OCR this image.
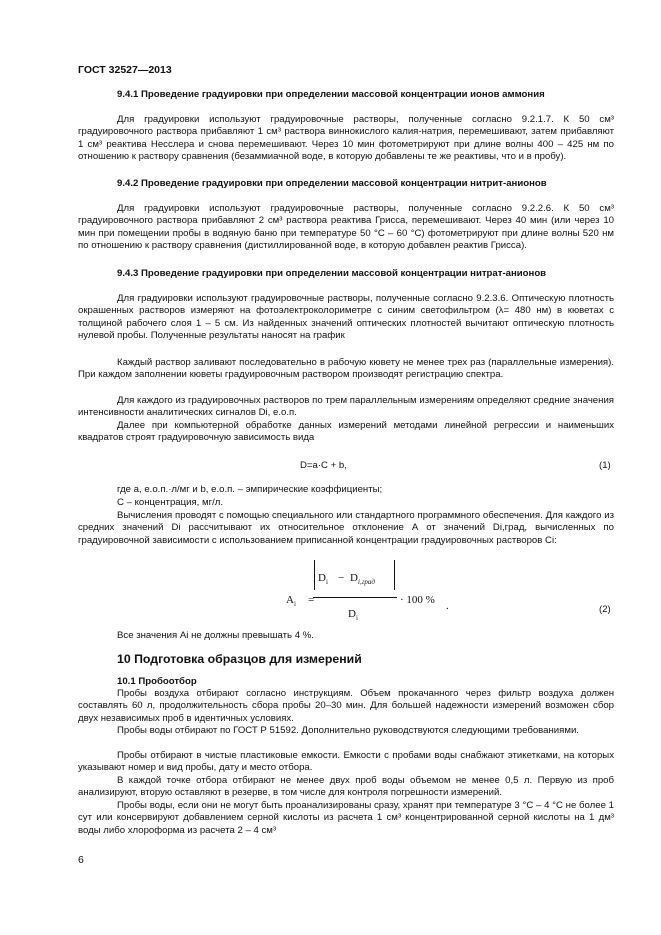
ГОСТ 32527—2013
9.4.1 Проведение градуировки при определении массовой концентрации ионов аммония
Для градуировки используют градуировочные растворы, полученные согласно 9.2.1.7. К 50 см³ градуировочного раствора прибавляют 1 см³ раствора виннокислого калия-натрия, перемешивают, затем прибавляют 1 см³ реактива Несслера и снова перемешивают. Через 10 мин фотометрируют при длине волны 400 – 425 нм по отношению к раствору сравнения (безаммиачной воде, в которую добавлены те же реактивы, что и в пробу).
9.4.2 Проведение градуировки при определении массовой концентрации нитрит-анионов
Для градуировки используют градуировочные растворы, полученные согласно 9.2.2.6. К 50 см³ градуировочного раствора прибавляют 2 см³ раствора реактива Грисса, перемешивают. Через 40 мин (или через 10 мин при помещении пробы в водяную баню при температуре 50 °С – 60 °С) фотометрируют при длине волны 520 нм по отношению к раствору сравнения (дистиллированной воде, в которую добавлен реактив Грисса).
9.4.3 Проведение градуировки при определении массовой концентрации нитрат-анионов
Для градуировки используют градуировочные растворы, полученные согласно 9.2.3.6. Оптическую плотность окрашенных растворов измеряют на фотоэлектроколориметре с синим светофильтром (λ= 480 нм) в кюветах с толщиной рабочего слоя 1 – 5 см. Из найденных значений оптических плотностей вычитают оптическую плотность нулевой пробы. Полученные результаты наносят на график
Каждый раствор заливают последовательно в рабочую кювету не менее трех раз (параллельные измерения). При каждом заполнении кюветы градуировочным раствором производят регистрацию спектра.
Для каждого из градуировочных растворов по трем параллельным измерениям определяют средние значения интенсивности аналитических сигналов Di, е.о.п.
Далее при компьютерной обработке данных измерений методами линейной регрессии и наименьших квадратов строят градуировочную зависимость вида
D=a·C + b,	(1)
где a, е.о.п.·л/мг и b, е.о.п. – эмпирические коэффициенты;
С – концентрация, мг/л.
Вычисления проводят с помощью специального или стандартного программного обеспечения. Для каждого из средних значений Di рассчитывают их относительное отклонение А от значений Di,град, вычисленных по градуировочной зависимости с использованием приписанной концентрации градуировочных растворов Сi:
A i =
D i − D i,град
D i
· 100 % .	(2)
Все значения Аi не должны превышать 4 %.
10 Подготовка образцов для измерений
10.1 Пробоотбор
Пробы воздуха отбирают согласно инструкциям. Объем прокачанного через фильтр воздуха должен составлять 60 л, продолжительность сбора пробы 20–30 мин. Для большей надежности измерений возможен сбор двух независимых проб в идентичных условиях.
Пробы воды отбирают по ГОСТ Р 51592. Дополнительно руководствуются следующими требованиями.
Пробы отбирают в чистые пластиковые емкости. Емкости с пробами воды снабжают этикетками, на которых указывают номер и вид пробы, дату и место отбора.
В каждой точке отбора отбирают не менее двух проб воды объемом не менее 0,5 л. Первую из проб анализируют, вторую оставляют в резерве, в том числе для контроля погрешности измерений.
Пробы воды, если они не могут быть проанализированы сразу, хранят при температуре 3 °С – 4 °С не более 1 сут или консервируют добавлением серной кислоты из расчета 1 см³ концентрированной серной кислоты на 1 дм³ воды либо хлороформа из расчета 2 – 4 см³
6
